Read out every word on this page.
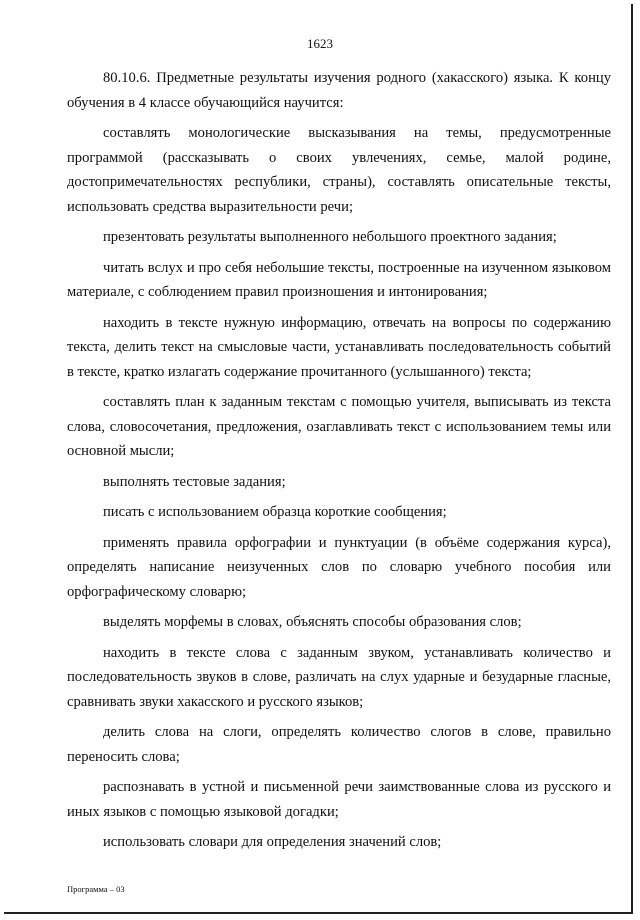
1623

80.10.6. Предметные результаты изучения родного (хакасского) языка. К концу обучения в 4 классе обучающийся научится:

составлять монологические высказывания на темы, предусмотренные программой (рассказывать о своих увлечениях, семье, малой родине, достопримечательностях республики, страны), составлять описательные тексты, использовать средства выразительности речи;

презентовать результаты выполненного небольшого проектного задания;

читать вслух и про себя небольшие тексты, построенные на изученном языковом материале, с соблюдением правил произношения и интонирования;

находить в тексте нужную информацию, отвечать на вопросы по содержанию текста, делить текст на смысловые части, устанавливать последовательность событий в тексте, кратко излагать содержание прочитанного (услышанного) текста;

составлять план к заданным текстам с помощью учителя, выписывать из текста слова, словосочетания, предложения, озаглавливать текст с использованием темы или основной мысли;

выполнять тестовые задания;

писать с использованием образца короткие сообщения;

применять правила орфографии и пунктуации (в объёме содержания курса), определять написание неизученных слов по словарю учебного пособия или орфографическому словарю;

выделять морфемы в словах, объяснять способы образования слов;

находить в тексте слова с заданным звуком, устанавливать количество и последовательность звуков в слове, различать на слух ударные и безударные гласные, сравнивать звуки хакасского и русского языков;

делить слова на слоги, определять количество слогов в слове, правильно переносить слова;

распознавать в устной и письменной речи заимствованные слова из русского и иных языков с помощью языковой догадки;

использовать словари для определения значений слов;

Программа – 03
